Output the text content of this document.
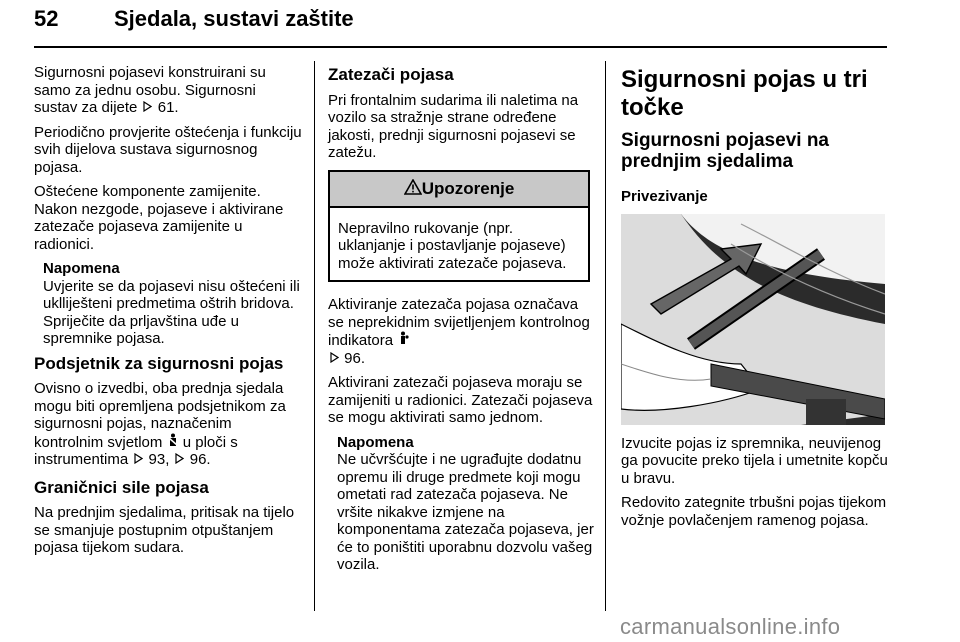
52	Sjedala, sustavi zaštite

Sigurnosni pojasevi konstruirani su samo za jednu osobu. Sigurnosni sustav za dijete 61.

Periodično provjerite oštećenja i funkciju svih dijelova sustava sigurnosnog pojasa.

Oštećene komponente zamijenite. Nakon nezgode, pojaseve i aktivirane zatezače pojaseva zamijenite u radionici.

Napomena
Uvjerite se da pojasevi nisu oštećeni ili uklliješteni predmetima oštrih bridova. Spriječite da prljavština uđe u spremnike pojasa.
Podsjetnik za sigurnosni pojas

Ovisno o izvedbi, oba prednja sjedala mogu biti opremljena podsjetnikom za sigurnosni pojas, naznačenim kontrolnim svjetlom u ploči s instrumentima 93, 96.

Graničnici sile pojasa

Na prednjim sjedalima, pritisak na tijelo se smanjuje postupnim otpuštanjem pojasa tijekom sudara.

Zatezači pojasa

Pri frontalnim sudarima ili naletima na vozilo sa stražnje strane određene jakosti, prednji sigurnosni pojasevi se zatežu.

Upozorenje
Nepravilno rukovanje (npr. uklanjanje i postavljanje pojaseve) može aktivirati zatezače pojaseva.

Aktiviranje zatezača pojasa označava se neprekidnim svijetljenjem kontrolnog indikatora
96.

Aktivirani zatezači pojaseva moraju se zamijeniti u radionici. Zatezači pojaseva se mogu aktivirati samo jednom.

Napomena
Ne učvršćujte i ne ugrađujte dodatnu opremu ili druge predmete koji mogu ometati rad zatezača pojaseva. Ne vršite nikakve izmjene na komponentama zatezača pojaseva, jer će to poništiti uporabnu dozvolu vašeg vozila.
Sigurnosni pojas u tri točke
Sigurnosni pojasevi na prednjim sjedalima
Privezivanje

Izvucite pojas iz spremnika, neuvijenog ga povucite preko tijela i umetnite kopču u bravu.

Redovito zategnite trbušni pojas tijekom vožnje povlačenjem ramenog pojasa.

carmanualsonline.info
